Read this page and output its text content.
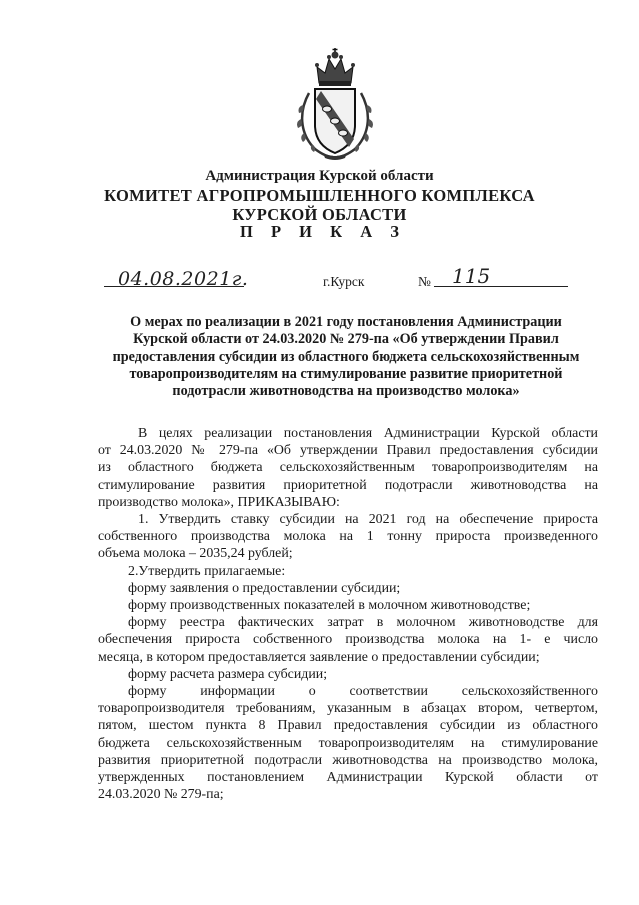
Администрация Курской области
КОМИТЕТ АГРОПРОМЫШЛЕННОГО КОМПЛЕКСА
КУРСКОЙ ОБЛАСТИ
П Р И К А З
04.08.2021г.	г.Курск	№ 115
О мерах по реализации в 2021 году постановления Администрации
Курской области от 24.03.2020 № 279-па «Об утверждении Правил
предоставления субсидии из областного бюджета сельскохозяйственным
товаропроизводителям на стимулирование развитие приоритетной
подотрасли животноводства на производство молока»
В целях реализации постановления Администрации Курской области
от 24.03.2020 № 279-па «Об утверждении Правил предоставления субсидии
из областного бюджета сельскохозяйственным товаропроизводителям на
стимулирование развития приоритетной подотрасли животноводства на
производство молока», ПРИКАЗЫВАЮ:
1. Утвердить ставку субсидии на 2021 год на обеспечение прироста
собственного производства молока на 1 тонну прироста произведенного
объема молока – 2035,24 рублей;
2.Утвердить прилагаемые:
форму заявления о предоставлении субсидии;
форму производственных показателей в молочном животноводстве;
форму реестра фактических затрат в молочном животноводстве для
обеспечения прироста собственного производства молока на 1- е число
месяца, в котором предоставляется заявление о предоставлении субсидии;
форму расчета размера субсидии;
форму информации о соответствии сельскохозяйственного
товаропроизводителя требованиям, указанным в абзацах втором, четвертом,
пятом, шестом пункта 8 Правил предоставления субсидии из областного
бюджета сельскохозяйственным товаропроизводителям на стимулирование
развития приоритетной подотрасли животноводства на производство молока,
утвержденных постановлением Администрации Курской области от
24.03.2020 № 279-па;
